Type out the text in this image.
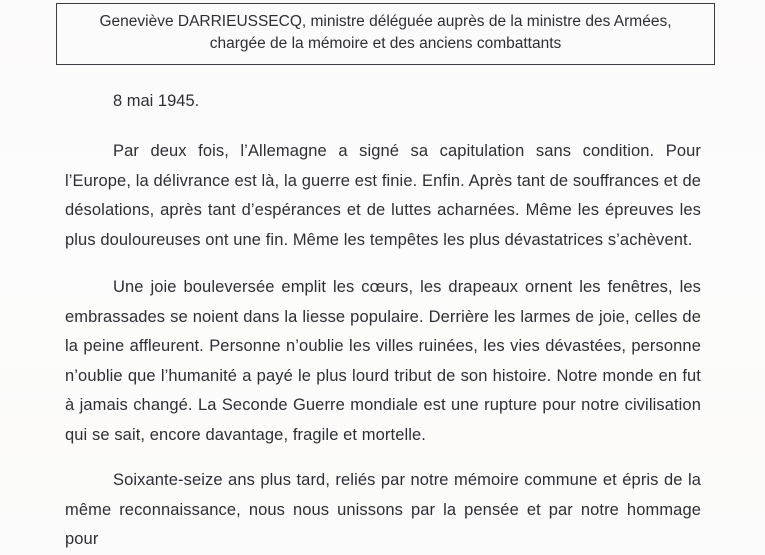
Geneviève DARRIEUSSECQ, ministre déléguée auprès de la ministre des Armées, chargée de la mémoire et des anciens combattants

8 mai 1945.

Par deux fois, l’Allemagne a signé sa capitulation sans condition. Pour l’Europe, la délivrance est là, la guerre est finie. Enfin. Après tant de souffrances et de désolations, après tant d’espérances et de luttes acharnées. Même les épreuves les plus douloureuses ont une fin. Même les tempêtes les plus dévastatrices s’achèvent.

Une joie bouleversée emplit les cœurs, les drapeaux ornent les fenêtres, les embrassades se noient dans la liesse populaire. Derrière les larmes de joie, celles de la peine affleurent. Personne n’oublie les villes ruinées, les vies dévastées, personne n’oublie que l’humanité a payé le plus lourd tribut de son histoire. Notre monde en fut à jamais changé. La Seconde Guerre mondiale est une rupture pour notre civilisation qui se sait, encore davantage, fragile et mortelle.

Soixante-seize ans plus tard, reliés par notre mémoire commune et épris de la même reconnaissance, nous nous unissons par la pensée et par notre hommage pour
